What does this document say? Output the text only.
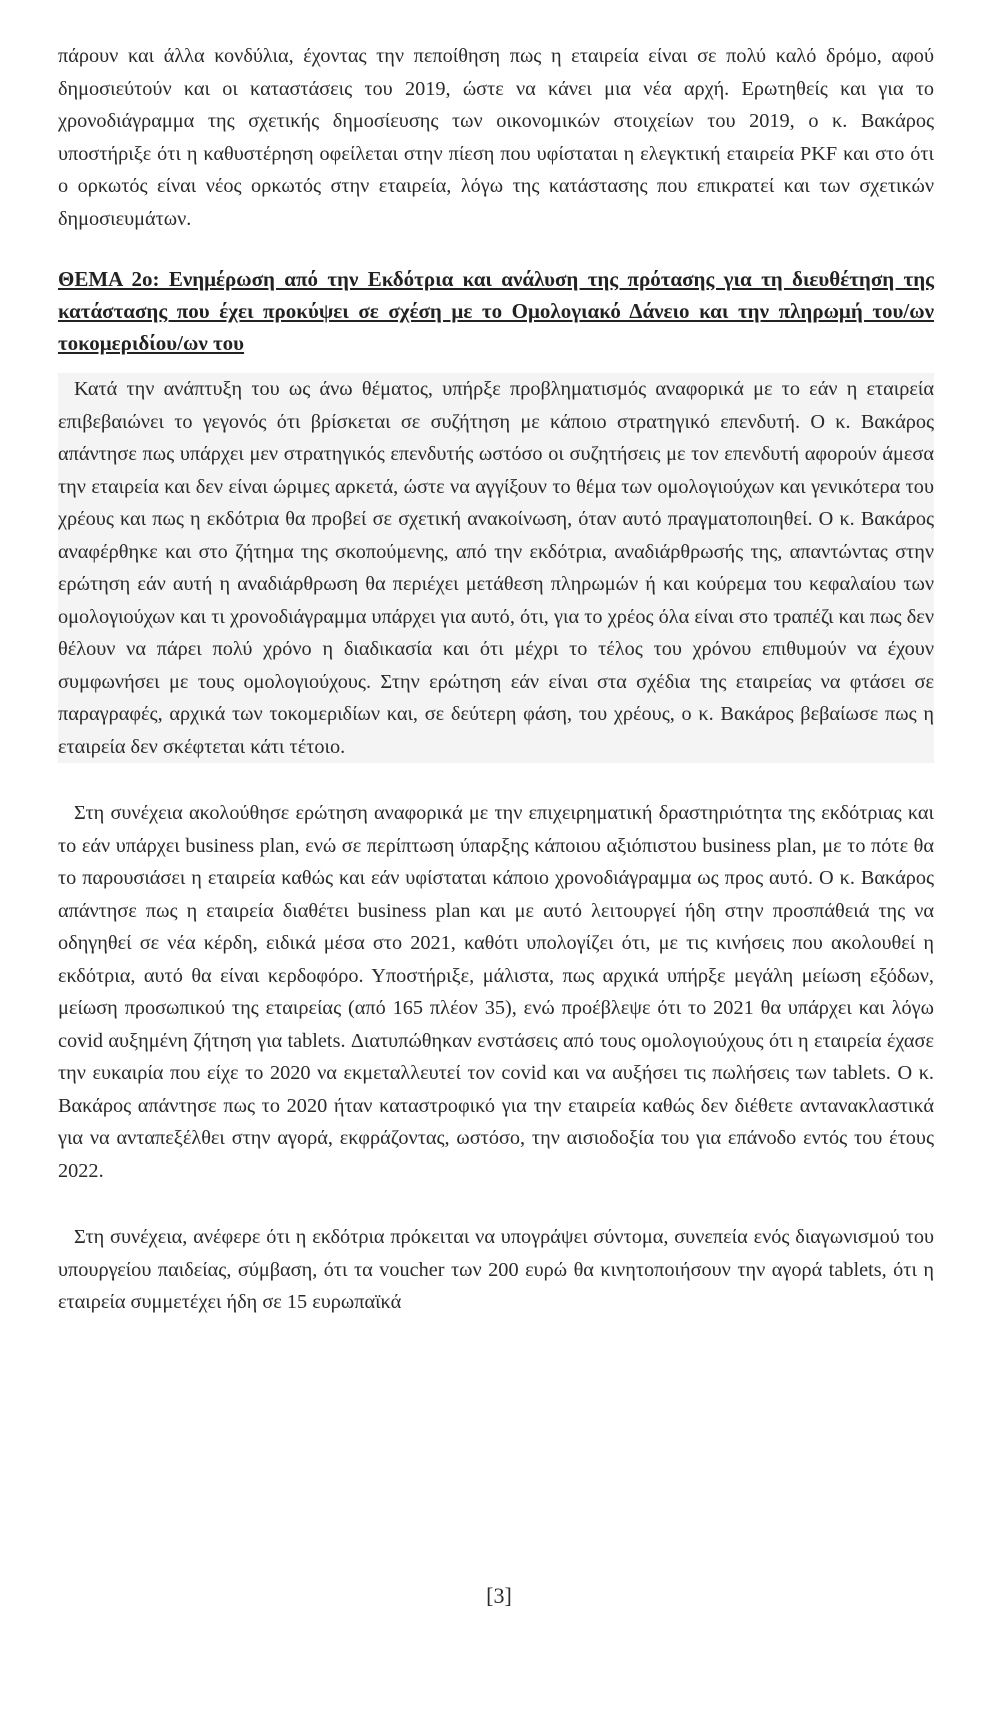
πάρουν και άλλα κονδύλια, έχοντας την πεποίθηση πως η εταιρεία είναι σε πολύ καλό δρόμο, αφού δημοσιεύτούν και οι καταστάσεις του 2019, ώστε να κάνει μια νέα αρχή. Ερωτηθείς και για το χρονοδιάγραμμα της σχετικής δημοσίευσης των οικονομικών στοιχείων του 2019, ο κ. Βακάρος υποστήριξε ότι η καθυστέρηση οφείλεται στην πίεση που υφίσταται η ελεγκτική εταιρεία PKF και στο ότι ο ορκωτός είναι νέος ορκωτός στην εταιρεία, λόγω της κατάστασης που επικρατεί και των σχετικών δημοσιευμάτων.

ΘΕΜΑ 2ο: Ενημέρωση από την Εκδότρια και ανάλυση της πρότασης για τη διευθέτηση της κατάστασης που έχει προκύψει σε σχέση με το Ομολογιακό Δάνειο και την πληρωμή του/ων τοκομεριδίου/ων του

Κατά την ανάπτυξη του ως άνω θέματος, υπήρξε προβληματισμός αναφορικά με το εάν η εταιρεία επιβεβαιώνει το γεγονός ότι βρίσκεται σε συζήτηση με κάποιο στρατηγικό επενδυτή. Ο κ. Βακάρος απάντησε πως υπάρχει μεν στρατηγικός επενδυτής ωστόσο οι συζητήσεις με τον επενδυτή αφορούν άμεσα την εταιρεία και δεν είναι ώριμες αρκετά, ώστε να αγγίξουν το θέμα των ομολογιούχων και γενικότερα του χρέους και πως η εκδότρια θα προβεί σε σχετική ανακοίνωση, όταν αυτό πραγματοποιηθεί. Ο κ. Βακάρος αναφέρθηκε και στο ζήτημα της σκοπούμενης, από την εκδότρια, αναδιάρθρωσής της, απαντώντας στην ερώτηση εάν αυτή η αναδιάρθρωση θα περιέχει μετάθεση πληρωμών ή και κούρεμα του κεφαλαίου των ομολογιούχων και τι χρονοδιάγραμμα υπάρχει για αυτό, ότι, για το χρέος όλα είναι στο τραπέζι και πως δεν θέλουν να πάρει πολύ χρόνο η διαδικασία και ότι μέχρι το τέλος του χρόνου επιθυμούν να έχουν συμφωνήσει με τους ομολογιούχους. Στην ερώτηση εάν είναι στα σχέδια της εταιρείας να φτάσει σε παραγραφές, αρχικά των τοκομεριδίων και, σε δεύτερη φάση, του χρέους, ο κ. Βακάρος βεβαίωσε πως η εταιρεία δεν σκέφτεται κάτι τέτοιο.

Στη συνέχεια ακολούθησε ερώτηση αναφορικά με την επιχειρηματική δραστηριότητα της εκδότριας και το εάν υπάρχει business plan, ενώ σε περίπτωση ύπαρξης κάποιου αξιόπιστου business plan, με το πότε θα το παρουσιάσει η εταιρεία καθώς και εάν υφίσταται κάποιο χρονοδιάγραμμα ως προς αυτό. Ο κ. Βακάρος απάντησε πως η εταιρεία διαθέτει business plan και με αυτό λειτουργεί ήδη στην προσπάθειά της να οδηγηθεί σε νέα κέρδη, ειδικά μέσα στο 2021, καθότι υπολογίζει ότι, με τις κινήσεις που ακολουθεί η εκδότρια, αυτό θα είναι κερδοφόρο. Υποστήριξε, μάλιστα, πως αρχικά υπήρξε μεγάλη μείωση εξόδων, μείωση προσωπικού της εταιρείας (από 165 πλέον 35), ενώ προέβλεψε ότι το 2021 θα υπάρχει και λόγω covid αυξημένη ζήτηση για tablets. Διατυπώθηκαν ενστάσεις από τους ομολογιούχους ότι η εταιρεία έχασε την ευκαιρία που είχε το 2020 να εκμεταλλευτεί τον covid και να αυξήσει τις πωλήσεις των tablets. Ο κ. Βακάρος απάντησε πως το 2020 ήταν καταστροφικό για την εταιρεία καθώς δεν διέθετε αντανακλαστικά για να ανταπεξέλθει στην αγορά, εκφράζοντας, ωστόσο, την αισιοδοξία του για επάνοδο εντός του έτους 2022.

Στη συνέχεια, ανέφερε ότι η εκδότρια πρόκειται να υπογράψει σύντομα, συνεπεία ενός διαγωνισμού του υπουργείου παιδείας, σύμβαση, ότι τα voucher των 200 ευρώ θα κινητοποιήσουν την αγορά tablets, ότι η εταιρεία συμμετέχει ήδη σε 15 ευρωπαϊκά

[3]
